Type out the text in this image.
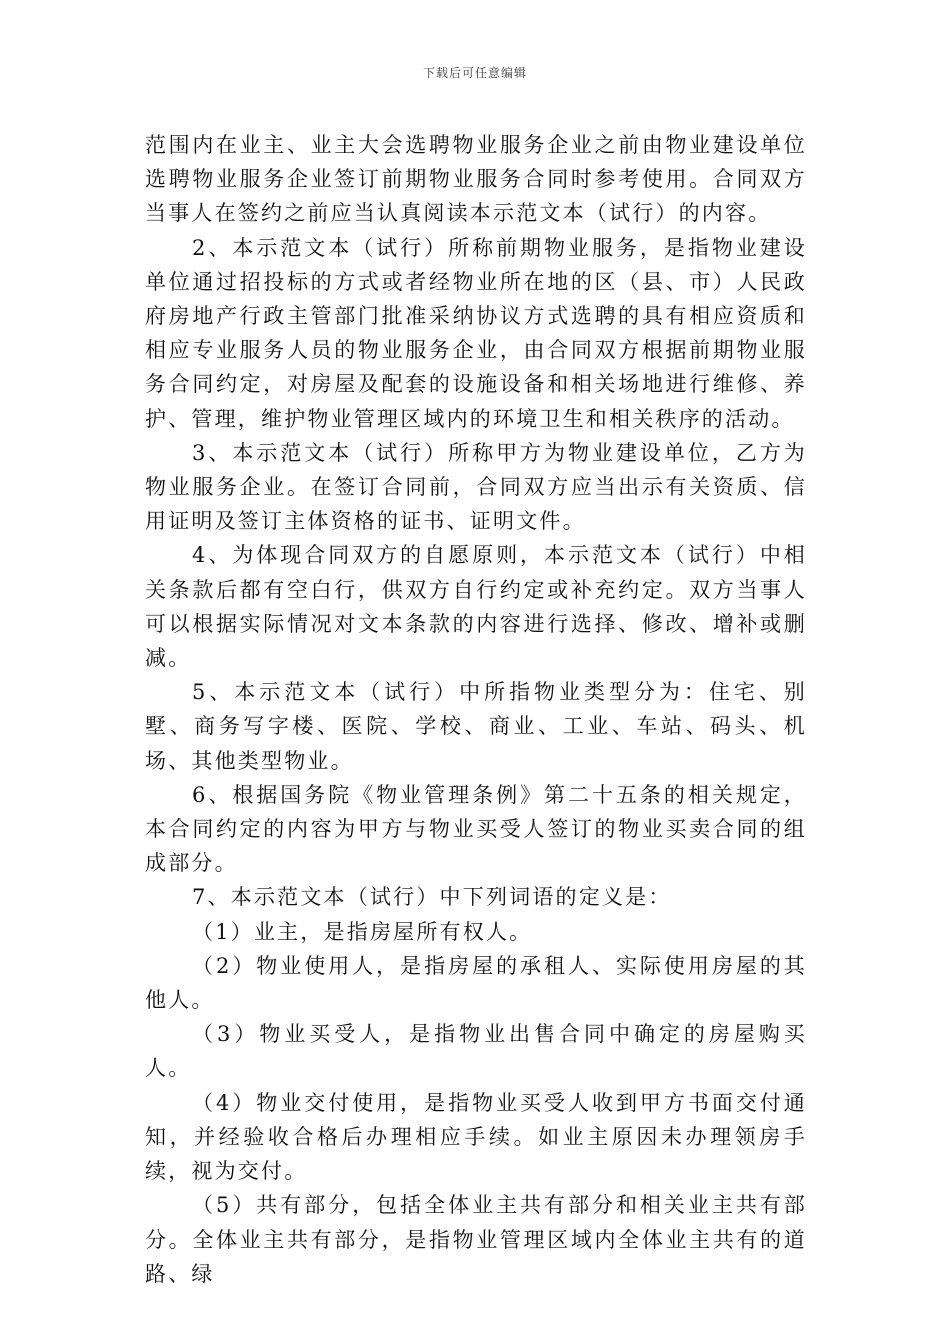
下载后可任意编辑

范围内在业主、业主大会选聘物业服务企业之前由物业建设单位选聘物业服务企业签订前期物业服务合同时参考使用。合同双方当事人在签约之前应当认真阅读本示范文本（试行）的内容。

2、本示范文本（试行）所称前期物业服务，是指物业建设单位通过招投标的方式或者经物业所在地的区（县、市）人民政府房地产行政主管部门批准采纳协议方式选聘的具有相应资质和相应专业服务人员的物业服务企业，由合同双方根据前期物业服务合同约定，对房屋及配套的设施设备和相关场地进行维修、养护、管理，维护物业管理区域内的环境卫生和相关秩序的活动。

3、本示范文本（试行）所称甲方为物业建设单位，乙方为物业服务企业。在签订合同前，合同双方应当出示有关资质、信用证明及签订主体资格的证书、证明文件。

4、为体现合同双方的自愿原则，本示范文本（试行）中相关条款后都有空白行，供双方自行约定或补充约定。双方当事人可以根据实际情况对文本条款的内容进行选择、修改、增补或删减。

5、本示范文本（试行）中所指物业类型分为：住宅、别墅、商务写字楼、医院、学校、商业、工业、车站、码头、机场、其他类型物业。

6、根据国务院《物业管理条例》第二十五条的相关规定，本合同约定的内容为甲方与物业买受人签订的物业买卖合同的组成部分。

7、本示范文本（试行）中下列词语的定义是：

（1）业主，是指房屋所有权人。

（2）物业使用人，是指房屋的承租人、实际使用房屋的其他人。

（3）物业买受人，是指物业出售合同中确定的房屋购买人。

（4）物业交付使用，是指物业买受人收到甲方书面交付通知，并经验收合格后办理相应手续。如业主原因未办理领房手续，视为交付。

（5）共有部分，包括全体业主共有部分和相关业主共有部分。全体业主共有部分，是指物业管理区域内全体业主共有的道路、绿
